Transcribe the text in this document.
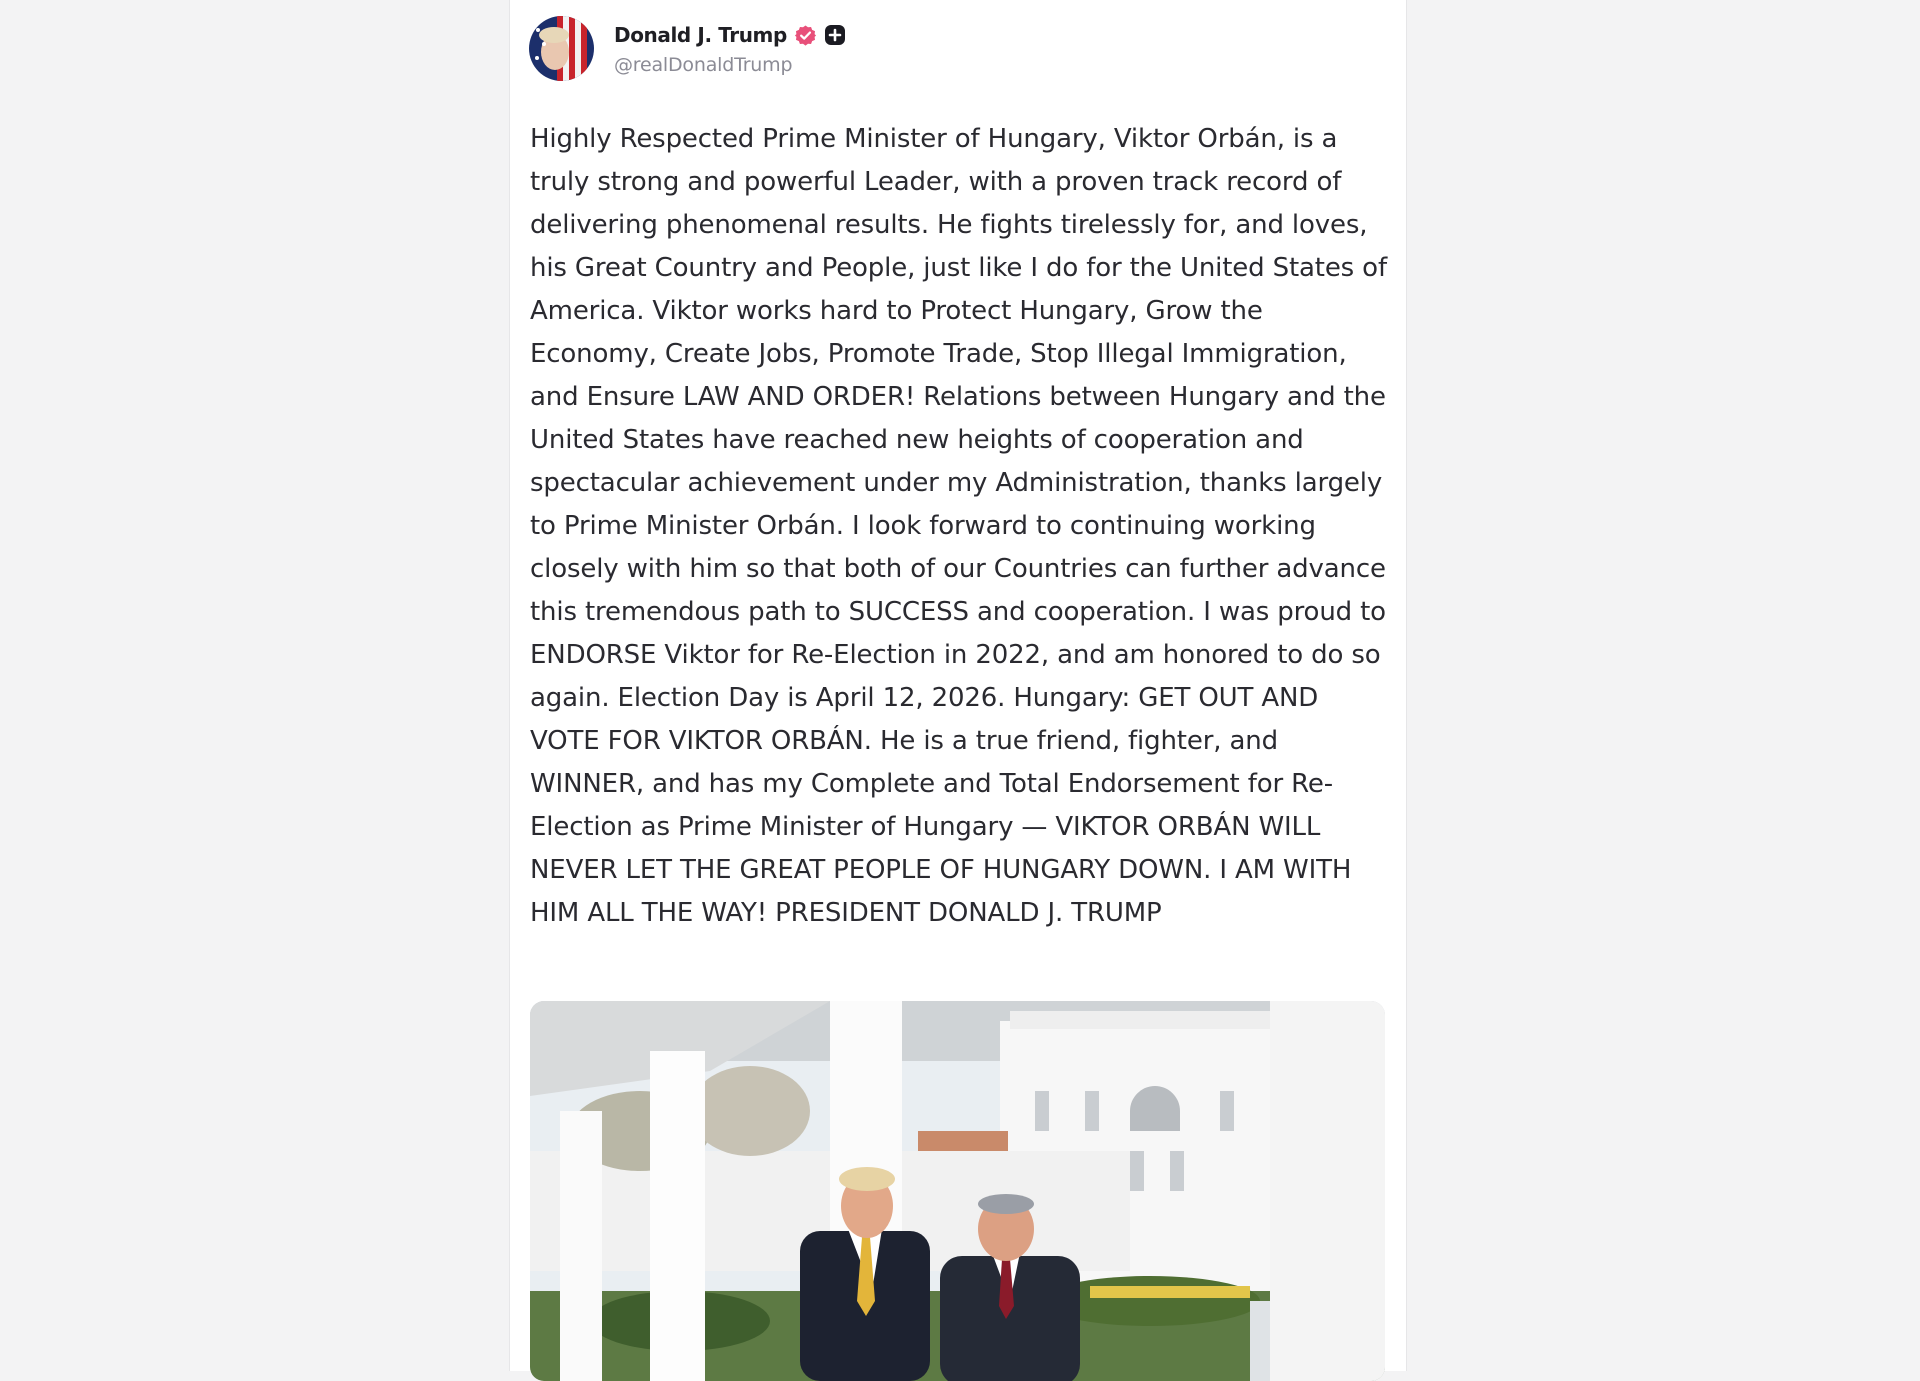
Donald J. Trump
@realDonaldTrump

Highly Respected Prime Minister of Hungary, Viktor Orbán, is a truly strong and powerful Leader, with a proven track record of delivering phenomenal results. He fights tirelessly for, and loves, his Great Country and People, just like I do for the United States of America. Viktor works hard to Protect Hungary, Grow the Economy, Create Jobs, Promote Trade, Stop Illegal Immigration, and Ensure LAW AND ORDER! Relations between Hungary and the United States have reached new heights of cooperation and spectacular achievement under my Administration, thanks largely to Prime Minister Orbán. I look forward to continuing working closely with him so that both of our Countries can further advance this tremendous path to SUCCESS and cooperation. I was proud to ENDORSE Viktor for Re-Election in 2022, and am honored to do so again. Election Day is April 12, 2026. Hungary: GET OUT AND VOTE FOR VIKTOR ORBÁN. He is a true friend, fighter, and WINNER, and has my Complete and Total Endorsement for Re-Election as Prime Minister of Hungary — VIKTOR ORBÁN WILL NEVER LET THE GREAT PEOPLE OF HUNGARY DOWN. I AM WITH HIM ALL THE WAY! PRESIDENT DONALD J. TRUMP
